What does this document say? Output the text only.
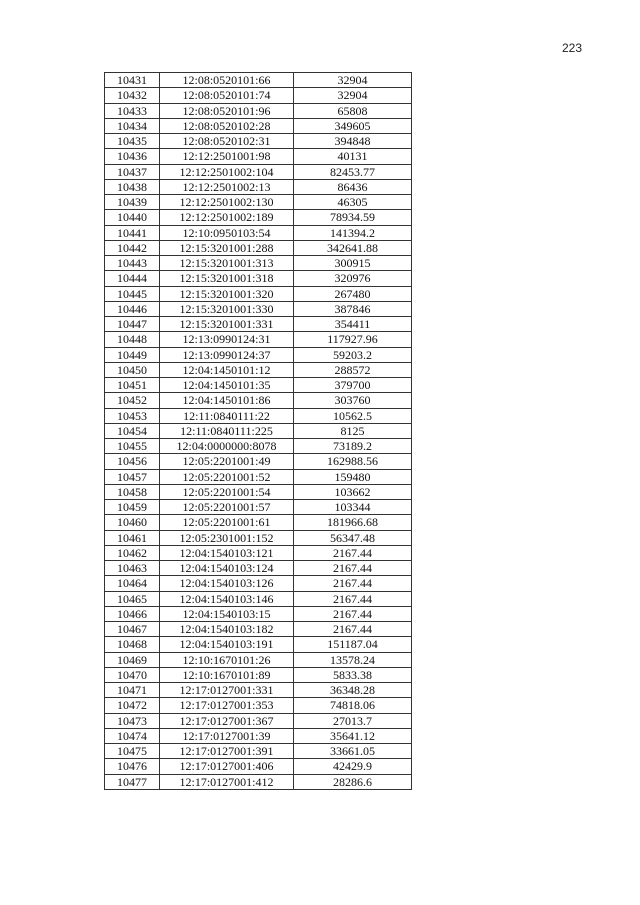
223
10431	12:08:0520101:66	32904
10432	12:08:0520101:74	32904
10433	12:08:0520101:96	65808
10434	12:08:0520102:28	349605
10435	12:08:0520102:31	394848
10436	12:12:2501001:98	40131
10437	12:12:2501002:104	82453.77
10438	12:12:2501002:13	86436
10439	12:12:2501002:130	46305
10440	12:12:2501002:189	78934.59
10441	12:10:0950103:54	141394.2
10442	12:15:3201001:288	342641.88
10443	12:15:3201001:313	300915
10444	12:15:3201001:318	320976
10445	12:15:3201001:320	267480
10446	12:15:3201001:330	387846
10447	12:15:3201001:331	354411
10448	12:13:0990124:31	117927.96
10449	12:13:0990124:37	59203.2
10450	12:04:1450101:12	288572
10451	12:04:1450101:35	379700
10452	12:04:1450101:86	303760
10453	12:11:0840111:22	10562.5
10454	12:11:0840111:225	8125
10455	12:04:0000000:8078	73189.2
10456	12:05:2201001:49	162988.56
10457	12:05:2201001:52	159480
10458	12:05:2201001:54	103662
10459	12:05:2201001:57	103344
10460	12:05:2201001:61	181966.68
10461	12:05:2301001:152	56347.48
10462	12:04:1540103:121	2167.44
10463	12:04:1540103:124	2167.44
10464	12:04:1540103:126	2167.44
10465	12:04:1540103:146	2167.44
10466	12:04:1540103:15	2167.44
10467	12:04:1540103:182	2167.44
10468	12:04:1540103:191	151187.04
10469	12:10:1670101:26	13578.24
10470	12:10:1670101:89	5833.38
10471	12:17:0127001:331	36348.28
10472	12:17:0127001:353	74818.06
10473	12:17:0127001:367	27013.7
10474	12:17:0127001:39	35641.12
10475	12:17:0127001:391	33661.05
10476	12:17:0127001:406	42429.9
10477	12:17:0127001:412	28286.6
